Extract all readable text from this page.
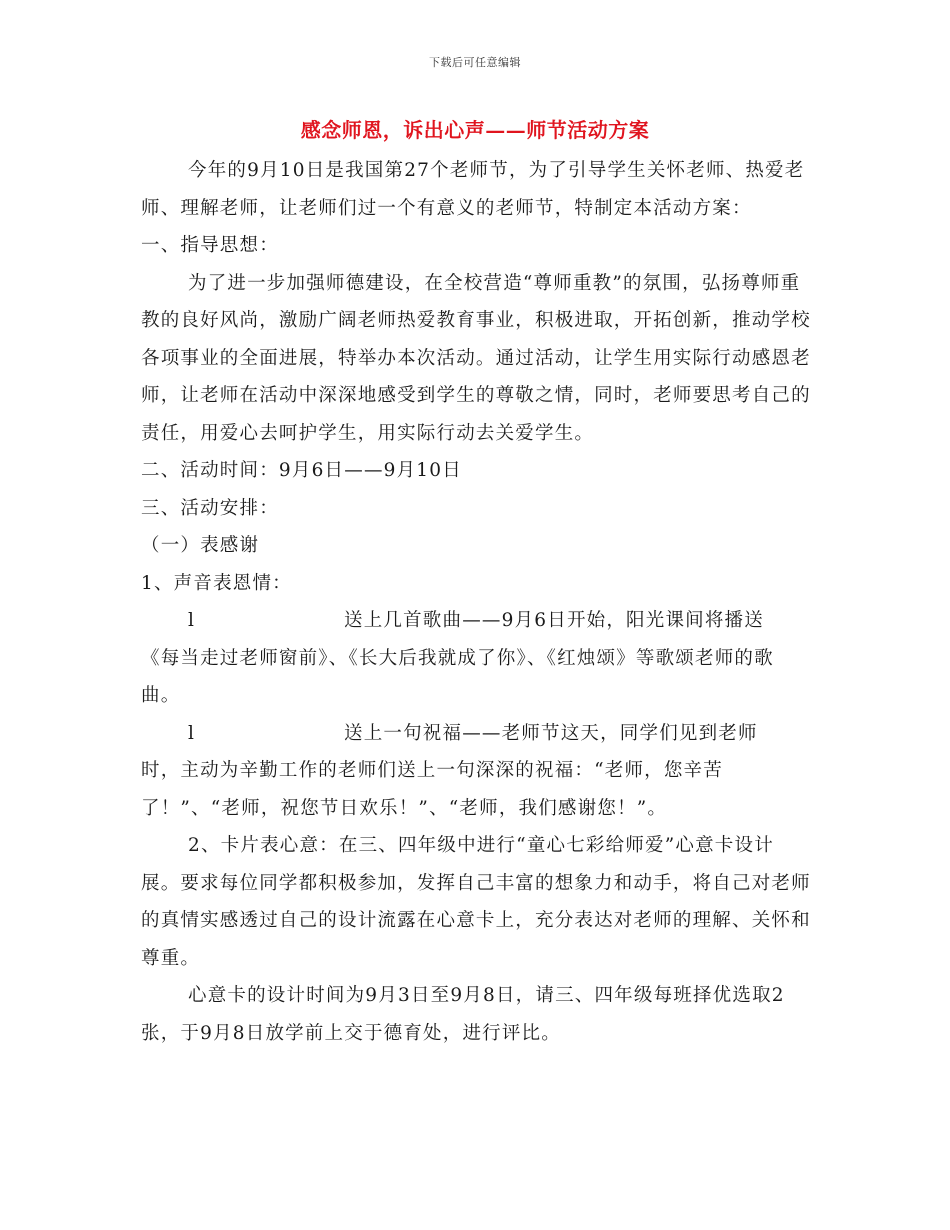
下载后可任意编辑
感念师恩，诉出心声——师节活动方案

今年的9月10日是我国第27个老师节，为了引导学生关怀老师、热爱老师、理解老师，让老师们过一个有意义的老师节，特制定本活动方案：

一、指导思想：

为了进一步加强师德建设，在全校营造“尊师重教”的氛围，弘扬尊师重教的良好风尚，激励广阔老师热爱教育事业，积极进取，开拓创新，推动学校各项事业的全面进展，特举办本次活动。通过活动，让学生用实际行动感恩老师，让老师在活动中深深地感受到学生的尊敬之情，同时，老师要思考自己的责任，用爱心去呵护学生，用实际行动去关爱学生。

二、活动时间：9月6日——9月10日

三、活动安排：

（一）表感谢

1、声音表恩情：

l	送上几首歌曲——9月6日开始，阳光课间将播送

《每当走过老师窗前》、《长大后我就成了你》、《红烛颂》等歌颂老师的歌曲。

l	送上一句祝福——老师节这天，同学们见到老师

时，主动为辛勤工作的老师们送上一句深深的祝福：“老师，您辛苦了！”、“老师，祝您节日欢乐！”、“老师，我们感谢您！”。

2、卡片表心意：在三、四年级中进行“童心七彩给师爱”心意卡设计展。要求每位同学都积极参加，发挥自己丰富的想象力和动手，将自己对老师的真情实感透过自己的设计流露在心意卡上，充分表达对老师的理解、关怀和尊重。

心意卡的设计时间为9月3日至9月8日，请三、四年级每班择优选取2张，于9月8日放学前上交于德育处，进行评比。
